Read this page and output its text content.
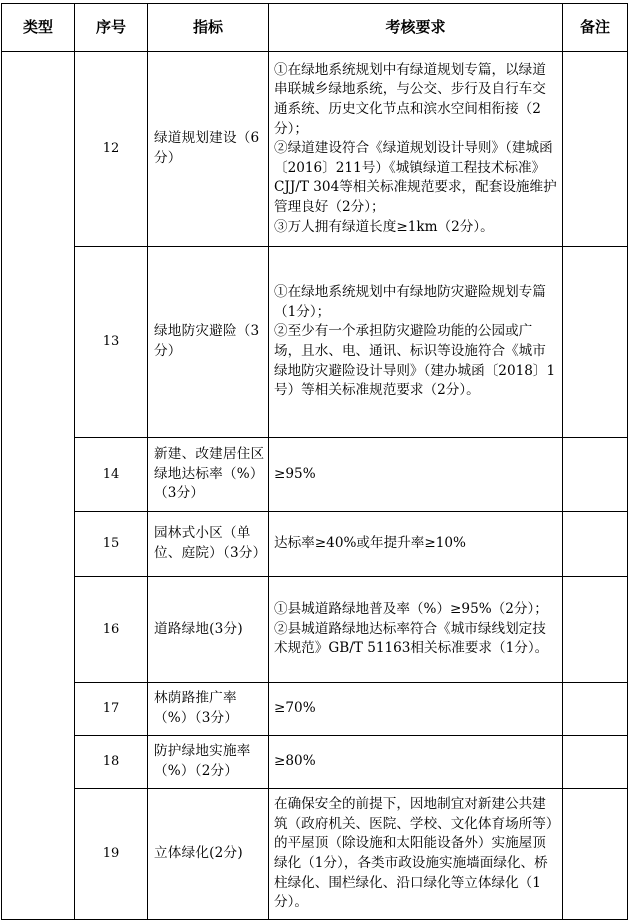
类型	序号	指标	考核要求	备注
	12	绿道规划建设（6分）	①在绿地系统规划中有绿道规划专篇，以绿道串联城乡绿地系统，与公交、步行及自行车交通系统、历史文化节点和滨水空间相衔接（2分）；
②绿道建设符合《绿道规划设计导则》（建城函〔2016〕211号）《城镇绿道工程技术标准》CJJ/T 304等相关标准规范要求，配套设施维护管理良好（2分）；
③万人拥有绿道长度≥1km（2分）。	

	13	绿地防灾避险（3分）	①在绿地系统规划中有绿地防灾避险规划专篇（1分）；
②至少有一个承担防灾避险功能的公园或广场，且水、电、通讯、标识等设施符合《城市绿地防灾避险设计导则》（建办城函〔2018〕1号）等相关标准规范要求（2分）。	

	14	新建、改建居住区绿地达标率（%）（3分）	≥95%	

	15	园林式小区（单位、庭院）（3分）	达标率≥40%或年提升率≥10%	

	16	道路绿地(3分)	①县城道路绿地普及率（%）≥95%（2分）；
②县城道路绿地达标率符合《城市绿线划定技术规范》GB/T 51163相关标准要求（1分）。	

	17	林荫路推广率（%）（3分）	≥70%	

	18	防护绿地实施率（%）（2分）	≥80%	

	19	立体绿化(2分)	在确保安全的前提下，因地制宜对新建公共建筑（政府机关、医院、学校、文化体育场所等）的平屋顶（除设施和太阳能设备外）实施屋顶绿化（1分），各类市政设施实施墙面绿化、桥柱绿化、围栏绿化、沿口绿化等立体绿化（1分）。	
